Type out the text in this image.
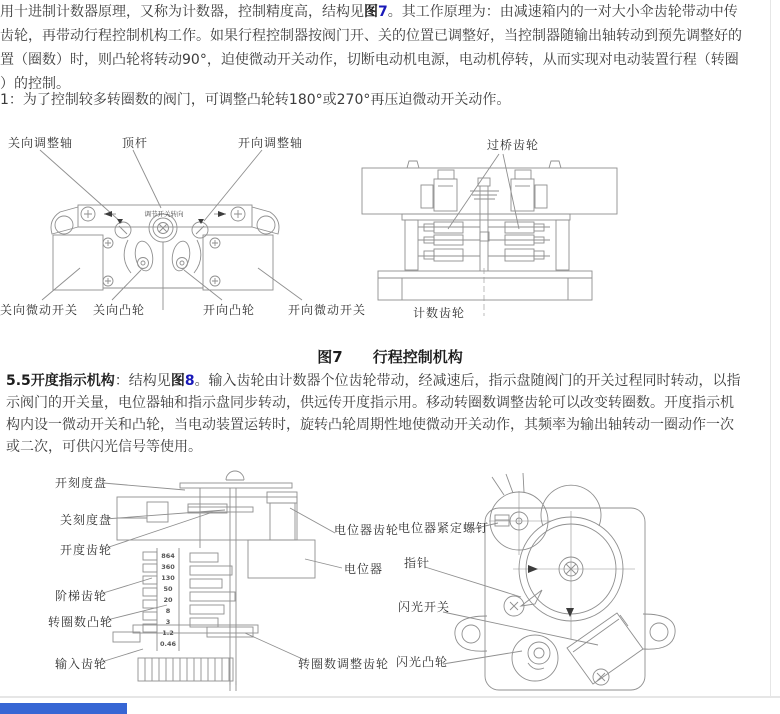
用十进制计数器原理，又称为计数器，控制精度高，结构见图7。其工作原理为：由减速箱内的一对大小伞齿轮带动中传
齿轮，再带动行程控制机构工作。如果行程控制器按阀门开、关的位置已调整好，当控制器随输出轴转动到预先调整好的
置（圈数）时，则凸轮将转动90°，迫使微动开关动作，切断电动机电源，电动机停转，从而实现对电动装置行程（转圈
）的控制。
1：为了控制较多转圈数的阀门，可调整凸轮转180°或270°再压迫微动开关动作。
调节开关转向
关向调整轴	顶杆	开向调整轴
关向微动开关 关向凸轮	开向凸轮	开向微动开关
过桥齿轮
计数齿轮
图7 行程控制机构
5.5开度指示机构：结构见图8。输入齿轮由计数器个位齿轮带动，经减速后，指示盘随阀门的开关过程同时转动，以指
示阀门的开关量，电位器轴和指示盘同步转动，供远传开度指示用。移动转圈数调整齿轮可以改变转圈数。开度指示机
构内设一微动开关和凸轮，当电动装置运转时，旋转凸轮周期性地使微动开关动作，其频率为输出轴转动一圈动作一次
或二次，可供闪光信号等使用。
864
360
130
50
20
8
3
1.2
0.46
开刻度盘
关刻度盘
开度齿轮
阶梯齿轮
转圈数凸轮
输入齿轮
电位器齿轮
电位器
转圈数调整齿轮
电位器紧定螺钉
指针
闪光开关
闪光凸轮
